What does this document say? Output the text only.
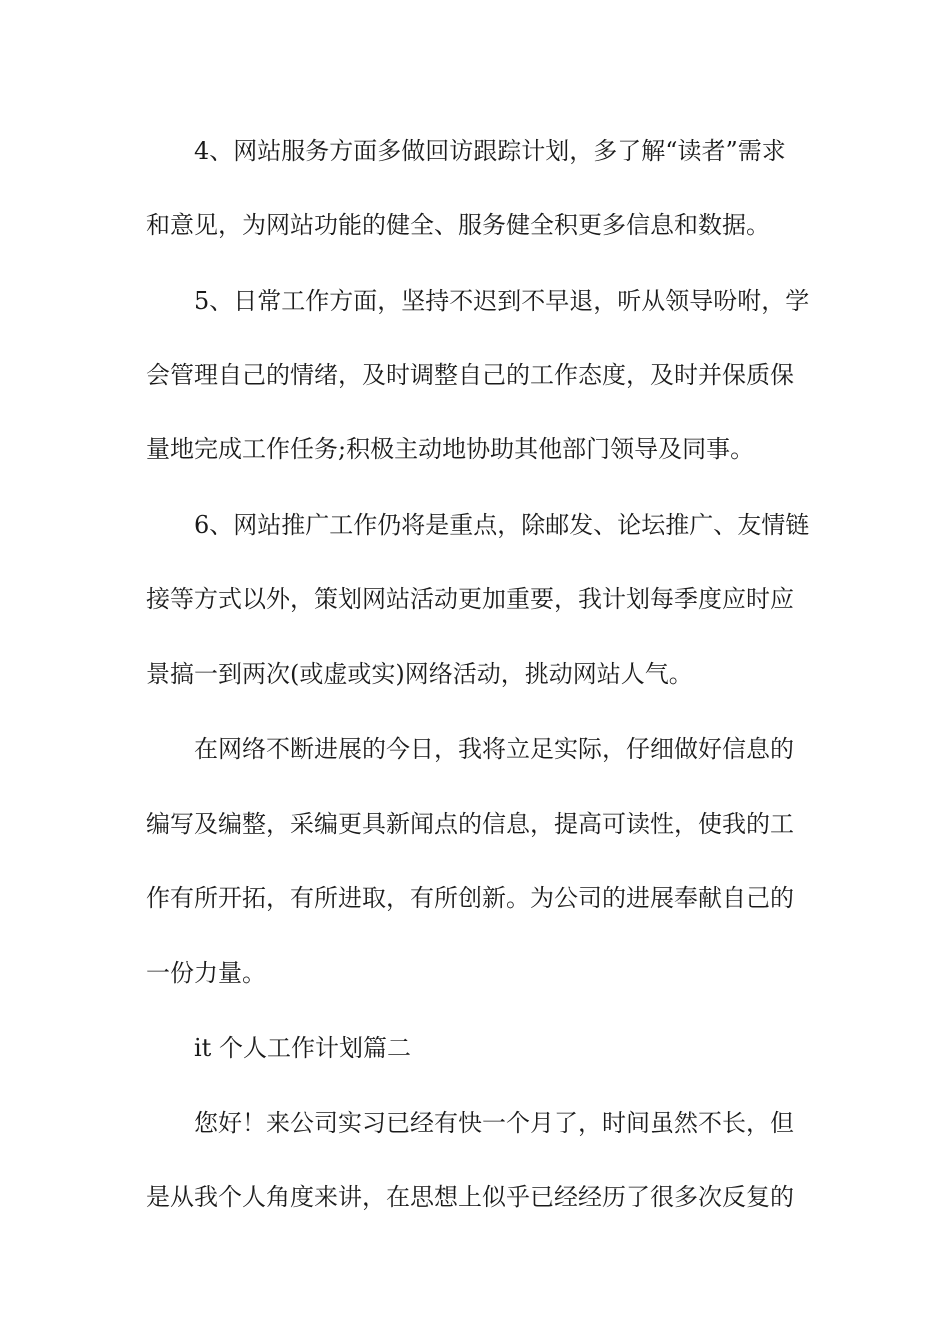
4、网站服务方面多做回访跟踪计划，多了解“读者”需求
和意见，为网站功能的健全、服务健全积更多信息和数据。
5、日常工作方面，坚持不迟到不早退，听从领导吩咐，学
会管理自己的情绪，及时调整自己的工作态度，及时并保质保
量地完成工作任务;积极主动地协助其他部门领导及同事。
6、网站推广工作仍将是重点，除邮发、论坛推广、友情链
接等方式以外，策划网站活动更加重要，我计划每季度应时应
景搞一到两次(或虚或实)网络活动，挑动网站人气。
在网络不断进展的今日，我将立足实际，仔细做好信息的
编写及编整，采编更具新闻点的信息，提高可读性，使我的工
作有所开拓，有所进取，有所创新。为公司的进展奉献自己的
一份力量。
it 个人工作计划篇二
您好！来公司实习已经有快一个月了，时间虽然不长，但
是从我个人角度来讲，在思想上似乎已经经历了很多次反复的
